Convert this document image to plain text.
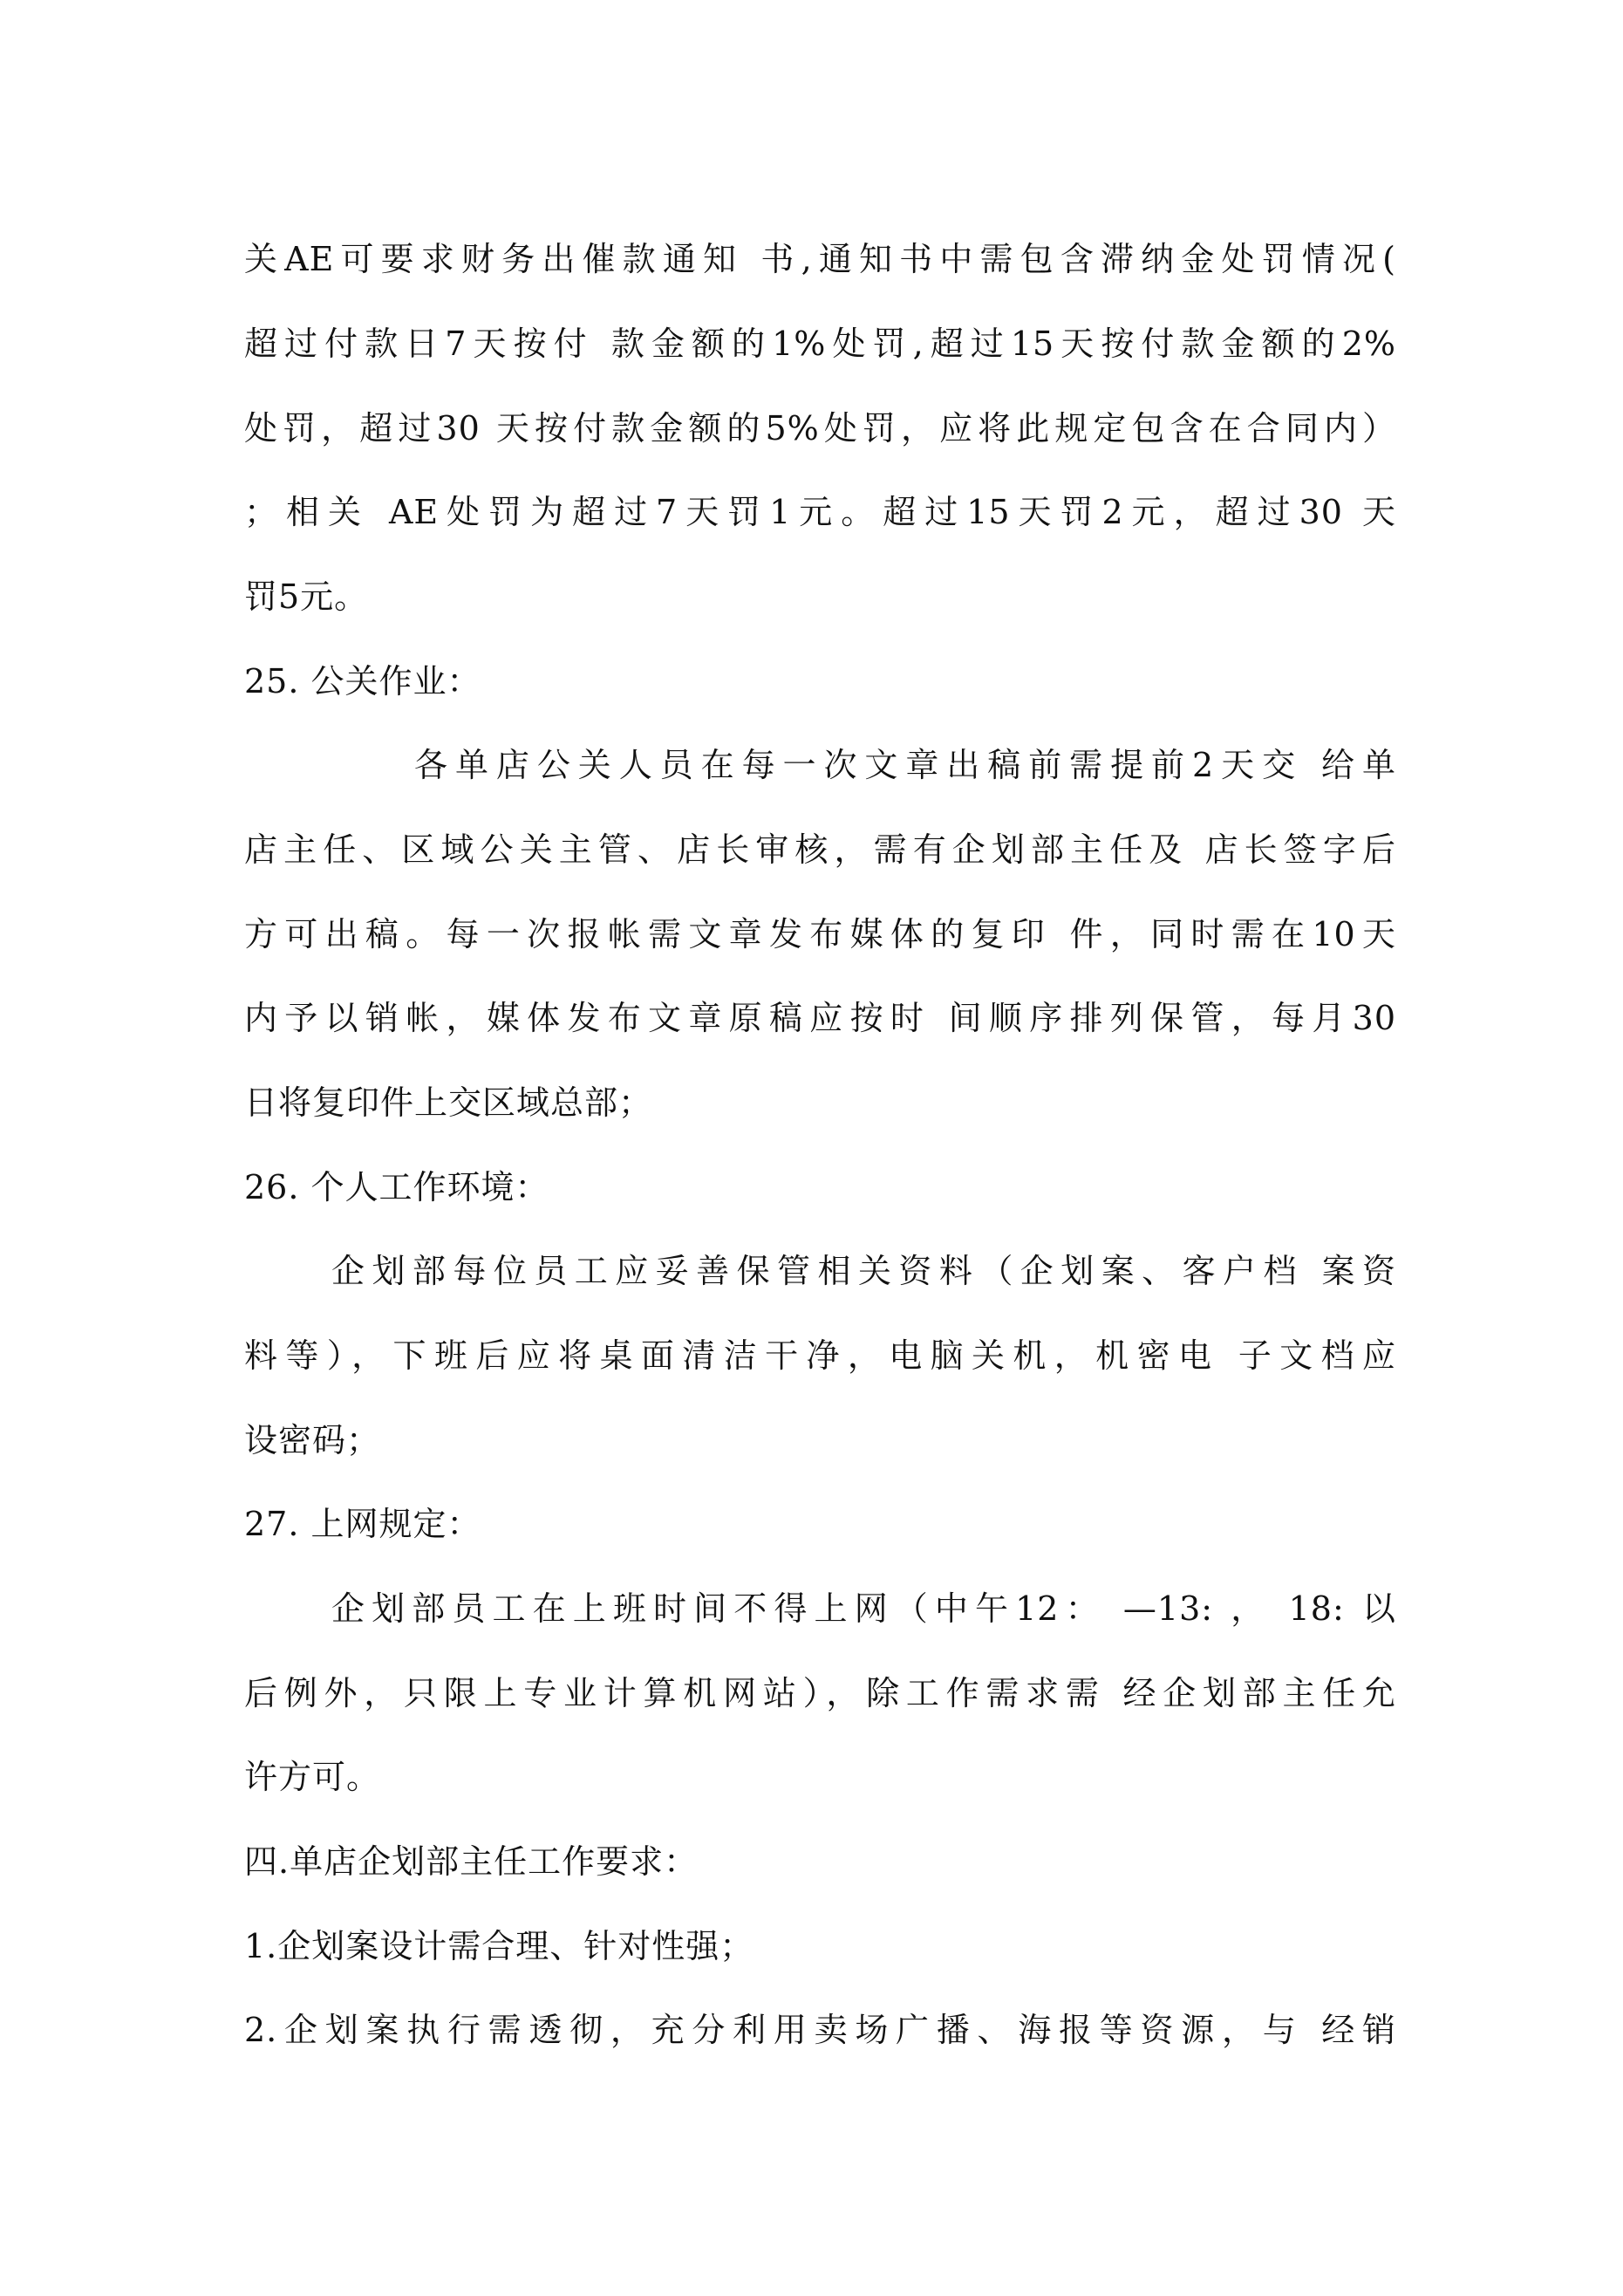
关AE可要求财务出催款通知 书,通知书中需包含滞纳金处罚情况(

超过付款日7天按付 款金额的1%处罚,超过15天按付款金额的2%

处罚，超过30 天按付款金额的5%处罚，应将此规定包含在合同内）

；相关 AE处罚为超过7天罚1元。超过15天罚2元，超过30 天

罚5元。

25. 公关作业：

各单店公关人员在每一次文章出稿前需提前2天交 给单

店主任、区域公关主管、店长审核，需有企划部主任及 店长签字后

方可出稿。每一次报帐需文章发布媒体的复印 件，同时需在10天

内予以销帐，媒体发布文章原稿应按时 间顺序排列保管，每月30

日将复印件上交区域总部；

26. 个人工作环境：

企划部每位员工应妥善保管相关资料（企划案、客户档 案资

料等），下班后应将桌面清洁干净，电脑关机，机密电 子文档应

设密码；

27. 上网规定：

企划部员工在上班时间不得上网（中午12： —13: ， 18: 以

后例外，只限上专业计算机网站），除工作需求需 经企划部主任允

许方可。

四.单店企划部主任工作要求：

1.企划案设计需合理、针对性强；

2.企划案执行需透彻，充分利用卖场广播、海报等资源，与 经销
